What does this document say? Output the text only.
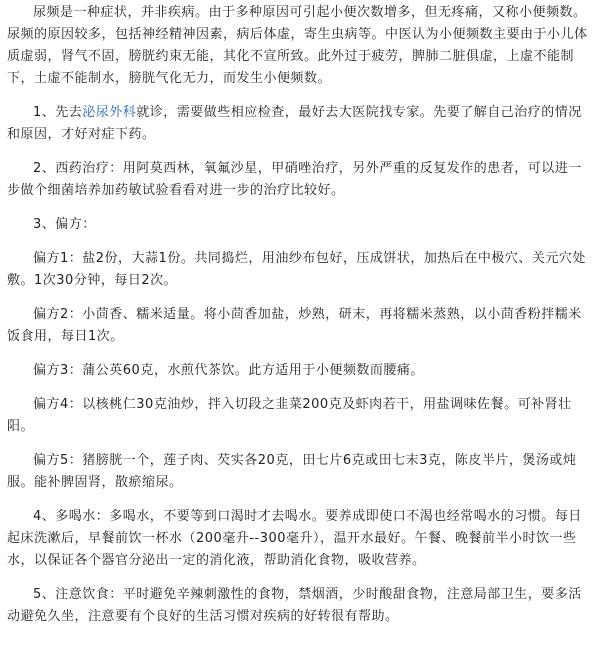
尿频是一种症状，并非疾病。由于多种原因可引起小便次数增多，但无疼痛，又称小便频数。尿频的原因较多，包括神经精神因素，病后体虚，寄生虫病等。中医认为小便频数主要由于小儿体质虚弱，肾气不固，膀胱约束无能，其化不宣所致。此外过于疲劳，脾肺二脏俱虚，上虚不能制下，土虚不能制水，膀胱气化无力，而发生小便频数。

1、先去泌尿外科就诊，需要做些相应检查，最好去大医院找专家。先要了解自己治疗的情况和原因，才好对症下药。

2、西药治疗：用阿莫西林，氧氟沙星，甲硝唑治疗，另外严重的反复发作的患者，可以进一步做个细菌培养加药敏试验看看对进一步的治疗比较好。

3、偏方：

偏方1：盐2份，大蒜1份。共同捣烂，用油纱布包好，压成饼状，加热后在中极穴、关元穴处敷。1次30分钟，每日2次。

偏方2：小茴香、糯米适量。将小茴香加盐，炒熟，研末，再将糯米蒸熟，以小茴香粉拌糯米饭食用，每日1次。

偏方3：蒲公英60克，水煎代茶饮。此方适用于小便频数而腰痛。

偏方4：以核桃仁30克油炒，拌入切段之韭菜200克及虾肉若干，用盐调味佐餐。可补肾壮阳。

偏方5：猪膀胱一个，莲子肉、芡实各20克，田七片6克或田七末3克，陈皮半片，煲汤或炖服。能补脾固肾，散瘀缩尿。

4、多喝水：多喝水，不要等到口渴时才去喝水。要养成即使口不渴也经常喝水的习惯。每日起床洗漱后，早餐前饮一杯水（200毫升--300毫升），温开水最好。午餐、晚餐前半小时饮一些水，以保证各个器官分泌出一定的消化液，帮助消化食物，吸收营养。

5、注意饮食：平时避免辛辣刺激性的食物，禁烟酒，少时酸甜食物，注意局部卫生，要多活动避免久坐，注意要有个良好的生活习惯对疾病的好转很有帮助。
